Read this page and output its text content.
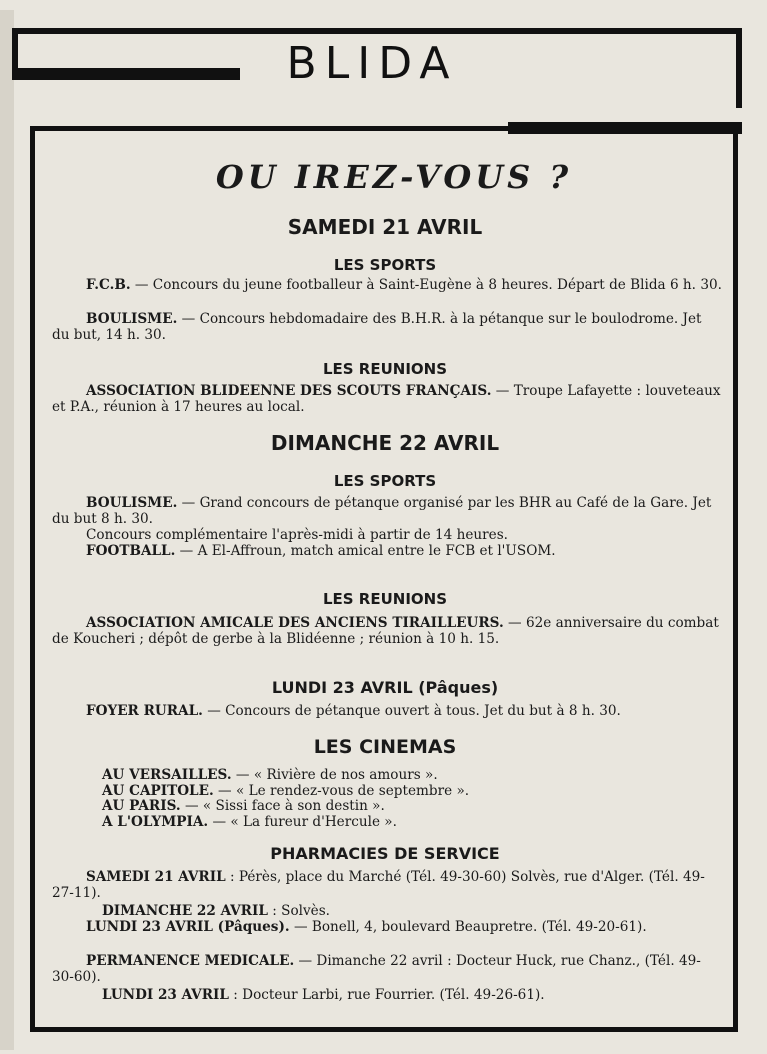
BLIDA
OU IREZ-VOUS ?
SAMEDI 21 AVRIL
LES SPORTS
F.C.B. — Concours du jeune footballeur à Saint-Eugène à 8 heures. Départ de Blida 6 h. 30.
BOULISME. — Concours hebdomadaire des B.H.R. à la pétanque sur le boulodrome. Jet du but, 14 h. 30.
LES REUNIONS
ASSOCIATION BLIDEENNE DES SCOUTS FRANÇAIS. — Troupe Lafayette : louveteaux et P.A., réunion à 17 heures au local.
DIMANCHE 22 AVRIL
LES SPORTS
BOULISME. — Grand concours de pétanque organisé par les BHR au Café de la Gare. Jet du but 8 h. 30.
Concours complémentaire l'après-midi à partir de 14 heures.
FOOTBALL. — A El-Affroun, match amical entre le FCB et l'USOM.
LES REUNIONS
ASSOCIATION AMICALE DES ANCIENS TIRAILLEURS. — 62e anniversaire du combat de Koucheri ; dépôt de gerbe à la Blidéenne ; réunion à 10 h. 15.
LUNDI 23 AVRIL (Pâques)
FOYER RURAL. — Concours de pétanque ouvert à tous. Jet du but à 8 h. 30.
LES CINEMAS
AU VERSAILLES. — « Rivière de nos amours ».
AU CAPITOLE. — « Le rendez-vous de septembre ».
AU PARIS. — « Sissi face à son destin ».
A L'OLYMPIA. — « La fureur d'Hercule ».
PHARMACIES DE SERVICE
SAMEDI 21 AVRIL : Pérès, place du Marché (Tél. 49-30-60) Solvès, rue d'Alger. (Tél. 49-27-11).
DIMANCHE 22 AVRIL : Solvès.
LUNDI 23 AVRIL (Pâques). — Bonell, 4, boulevard Beaupretre. (Tél. 49-20-61).
PERMANENCE MEDICALE. — Dimanche 22 avril : Docteur Huck, rue Chanz., (Tél. 49-30-60).
LUNDI 23 AVRIL : Docteur Larbi, rue Fourrier. (Tél. 49-26-61).
